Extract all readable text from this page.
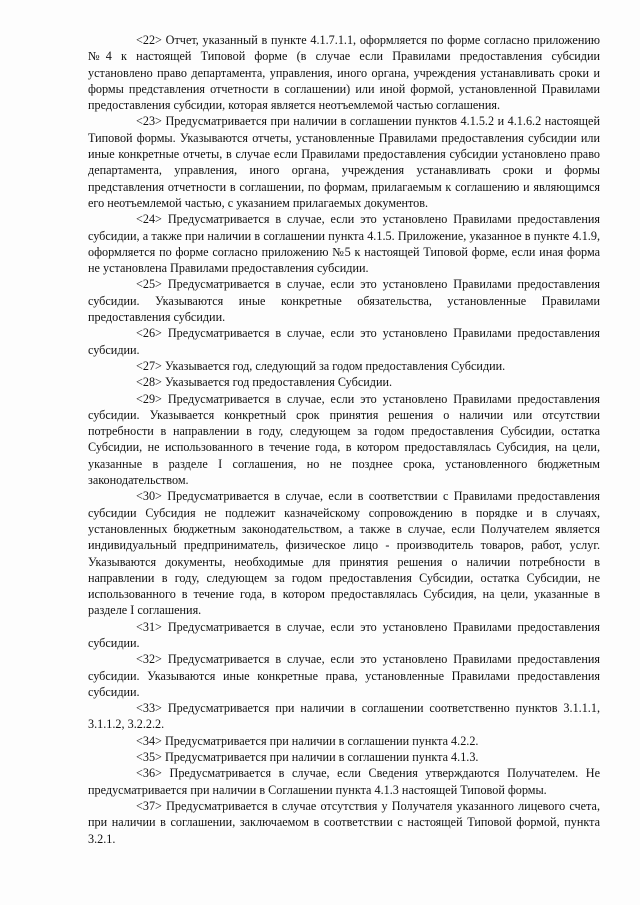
<22> Отчет, указанный в пункте 4.1.7.1.1, оформляется по форме согласно приложению №4 к настоящей Типовой форме (в случае если Правилами предоставления субсидии установлено право департамента, управления, иного органа, учреждения устанавливать сроки и формы представления отчетности в соглашении) или иной формой, установленной Правилами предоставления субсидии, которая является неотъемлемой частью соглашения.

<23> Предусматривается при наличии в соглашении пунктов 4.1.5.2 и 4.1.6.2 настоящей Типовой формы. Указываются отчеты, установленные Правилами предоставления субсидии или иные конкретные отчеты, в случае если Правилами предоставления субсидии установлено право департамента, управления, иного органа, учреждения устанавливать сроки и формы представления отчетности в соглашении, по формам, прилагаемым к соглашению и являющимся его неотъемлемой частью, с указанием прилагаемых документов.

<24> Предусматривается в случае, если это установлено Правилами предоставления субсидии, а также при наличии в соглашении пункта 4.1.5. Приложение, указанное в пункте 4.1.9, оформляется по форме согласно приложению №5 к настоящей Типовой форме, если иная форма не установлена Правилами предоставления субсидии.

<25> Предусматривается в случае, если это установлено Правилами предоставления субсидии. Указываются иные конкретные обязательства, установленные Правилами предоставления субсидии.

<26> Предусматривается в случае, если это установлено Правилами предоставления субсидии.

<27> Указывается год, следующий за годом предоставления Субсидии.

<28> Указывается год предоставления Субсидии.

<29> Предусматривается в случае, если это установлено Правилами предоставления субсидии. Указывается конкретный срок принятия решения о наличии или отсутствии потребности в направлении в году, следующем за годом предоставления Субсидии, остатка Субсидии, не использованного в течение года, в котором предоставлялась Субсидия, на цели, указанные в разделе I соглашения, но не позднее срока, установленного бюджетным законодательством.

<30> Предусматривается в случае, если в соответствии с Правилами предоставления субсидии Субсидия не подлежит казначейскому сопровождению в порядке и в случаях, установленных бюджетным законодательством, а также в случае, если Получателем является индивидуальный предприниматель, физическое лицо - производитель товаров, работ, услуг. Указываются документы, необходимые для принятия решения о наличии потребности в направлении в году, следующем за годом предоставления Субсидии, остатка Субсидии, не использованного в течение года, в котором предоставлялась Субсидия, на цели, указанные в разделе I соглашения.

<31> Предусматривается в случае, если это установлено Правилами предоставления субсидии.

<32> Предусматривается в случае, если это установлено Правилами предоставления субсидии. Указываются иные конкретные права, установленные Правилами предоставления субсидии.

<33> Предусматривается при наличии в соглашении соответственно пунктов 3.1.1.1, 3.1.1.2, 3.2.2.2.

<34> Предусматривается при наличии в соглашении пункта 4.2.2.

<35> Предусматривается при наличии в соглашении пункта 4.1.3.

<36> Предусматривается в случае, если Сведения утверждаются Получателем. Не предусматривается при наличии в Соглашении пункта 4.1.3 настоящей Типовой формы.

<37> Предусматривается в случае отсутствия у Получателя указанного лицевого счета, при наличии в соглашении, заключаемом в соответствии с настоящей Типовой формой, пункта 3.2.1.
